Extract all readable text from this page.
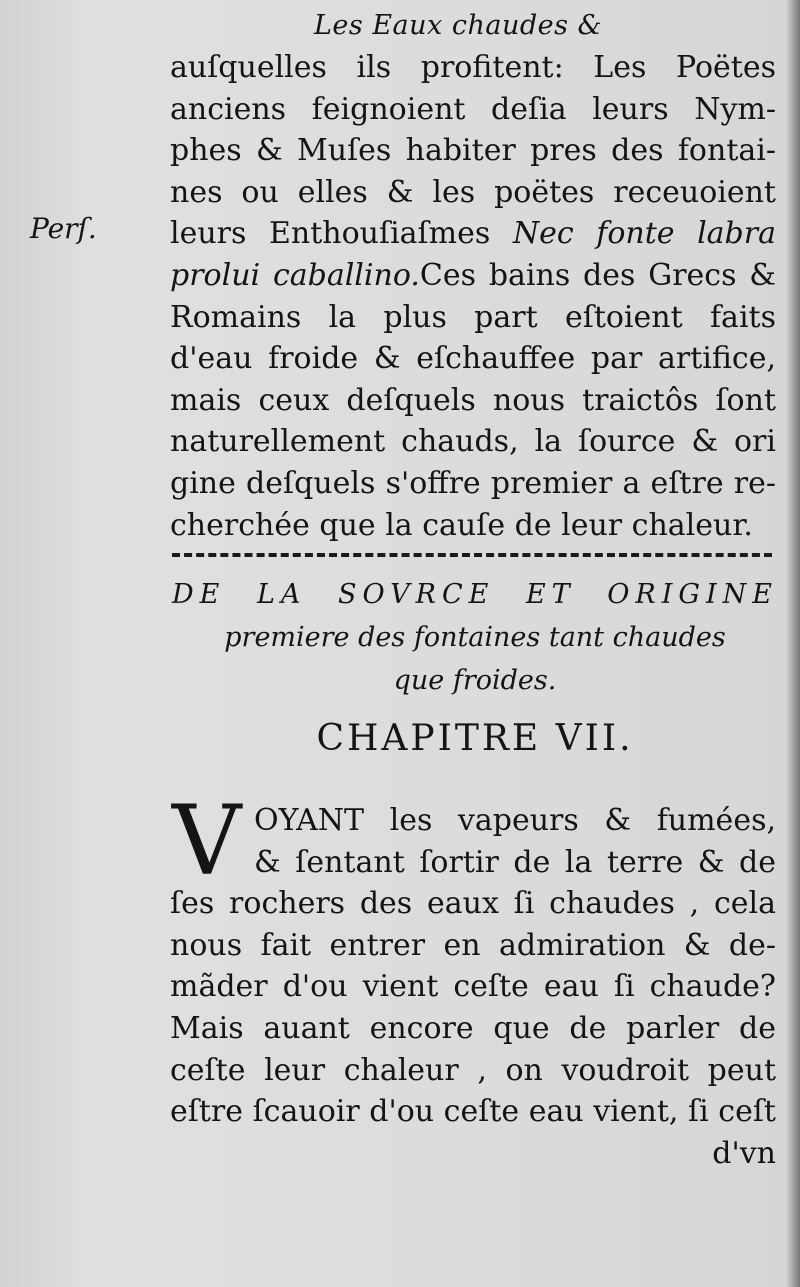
Les Eaux chaudes &
Perſ.
auſquelles ils profitent: Les Poëtes
anciens feignoient deſia leurs Nym-
phes & Muſes habiter pres des fontai-
nes ou elles & les poëtes receuoient
leurs Enthouſiaſmes Nec fonte labra
prolui caballino.Ces bains des Grecs &
Romains la plus part eſtoient faits
d'eau froide & eſchauffee par artifice,
mais ceux deſquels nous traictôs ſont
naturellement chauds, la ſource & ori
gine deſquels s'offre premier a eſtre re-
cherchée que la cauſe de leur chaleur.
DE LA SOVRCE ET ORIGINE
premiere des fontaines tant chaudes
que froides.
CHAPITRE VII.
V OYANT les vapeurs & fumées,
& ſentant ſortir de la terre & de
ſes rochers des eaux ſi chaudes , cela
nous fait entrer en admiration & de-
mãder d'ou vient ceſte eau ſi chaude?
Mais auant encore que de parler de
ceſte leur chaleur , on voudroit peut
eſtre ſcauoir d'ou ceſte eau vient, ſi ceſt
d'vn
